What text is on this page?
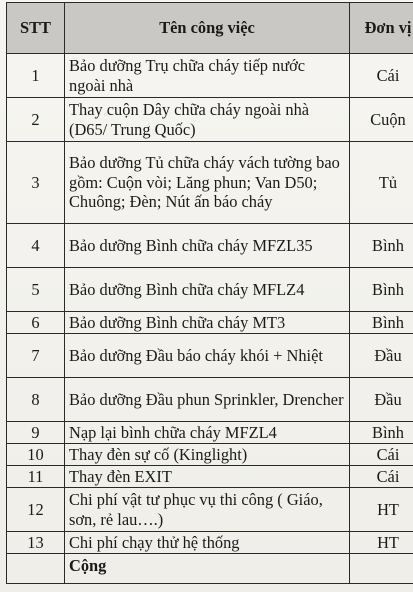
STT	Tên công việc	Đơn vị
1	Bảo dưỡng Trụ chữa cháy tiếp nước ngoài nhà	Cái
2	Thay cuộn Dây chữa cháy ngoài nhà (D65/ Trung Quốc)	Cuộn
3	Bảo dưỡng Tủ chữa cháy vách tường bao gồm: Cuộn vòi; Lăng phun; Van D50; Chuông; Đèn; Nút ấn báo cháy	Tủ
4	Bảo dưỡng Bình chữa cháy MFZL35	Bình
5	Bảo dưỡng Bình chữa cháy MFLZ4	Bình
6	Bảo dưỡng Bình chữa cháy MT3	Bình
7	Bảo dưỡng Đầu báo cháy khói + Nhiệt	Đầu
8	Bảo dưỡng Đầu phun Sprinkler, Drencher	Đầu
9	Nạp lại bình chữa cháy MFZL4	Bình
10	Thay đèn sự cố (Kinglight)	Cái
11	Thay đèn EXIT	Cái
12	Chi phí vật tư phục vụ thi công ( Giáo, sơn, rẻ lau….)	HT
13	Chi phí chạy thử hệ thống	HT
	Cộng	
